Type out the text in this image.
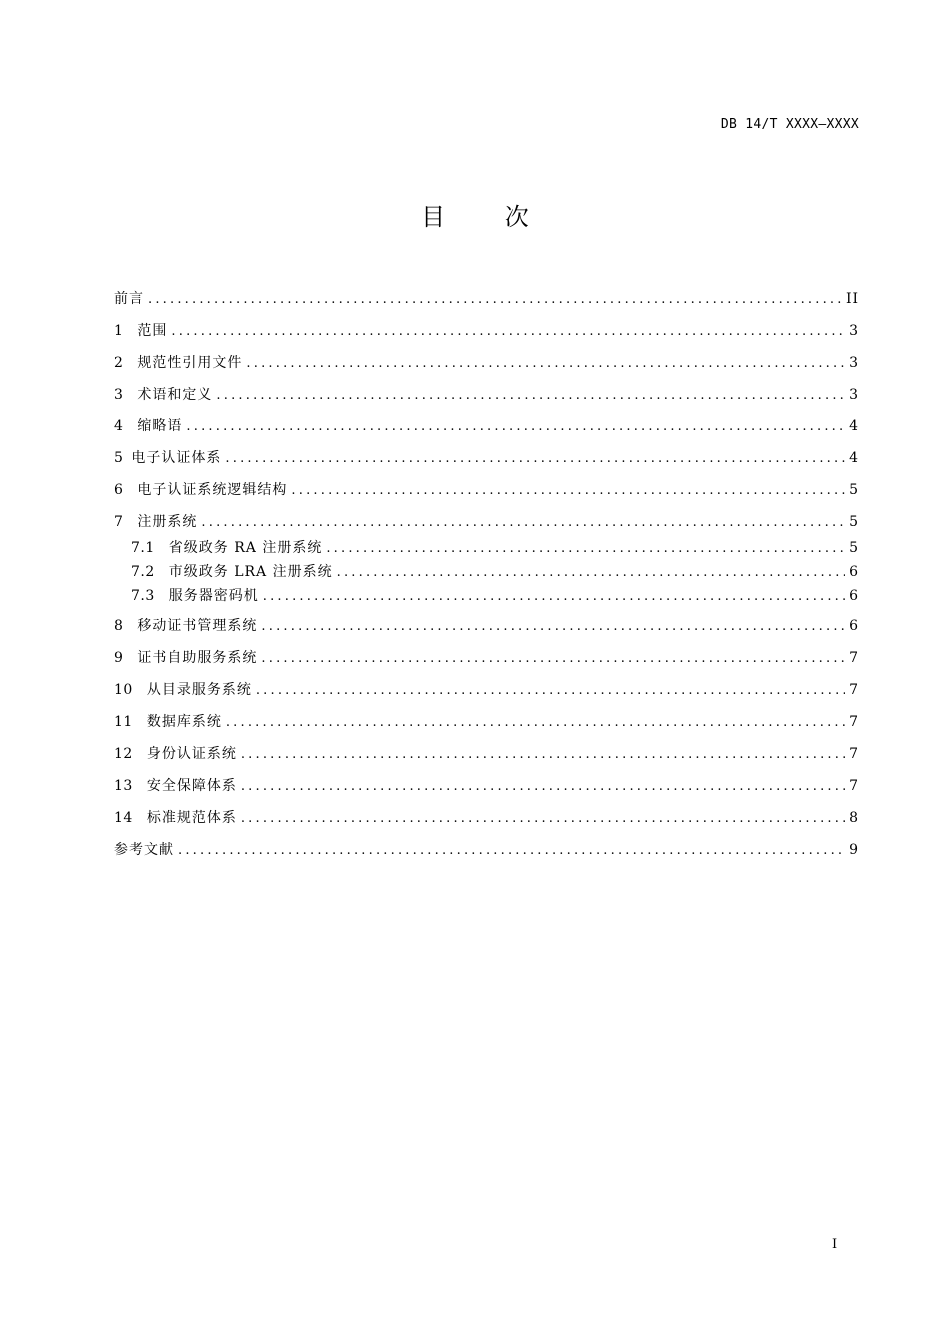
DB 14/T XXXX—XXXX
目 次
前言 .....	II
1 范围 .....	3
2 规范性引用文件 .....	3
3 术语和定义 .....	3
4 缩略语 .....	4
5 电子认证体系 .....	4
6 电子认证系统逻辑结构 .....	5
7 注册系统 .....	5
7.1 省级政务 RA 注册系统 .....	5
7.2 市级政务 LRA 注册系统 .....	6
7.3 服务器密码机 .....	6
8 移动证书管理系统 .....	6
9 证书自助服务系统 .....	7
10 从目录服务系统 .....	7
11 数据库系统 .....	7
12 身份认证系统 .....	7
13 安全保障体系 .....	7
14 标准规范体系 .....	8
参考文献 .....	9
I
